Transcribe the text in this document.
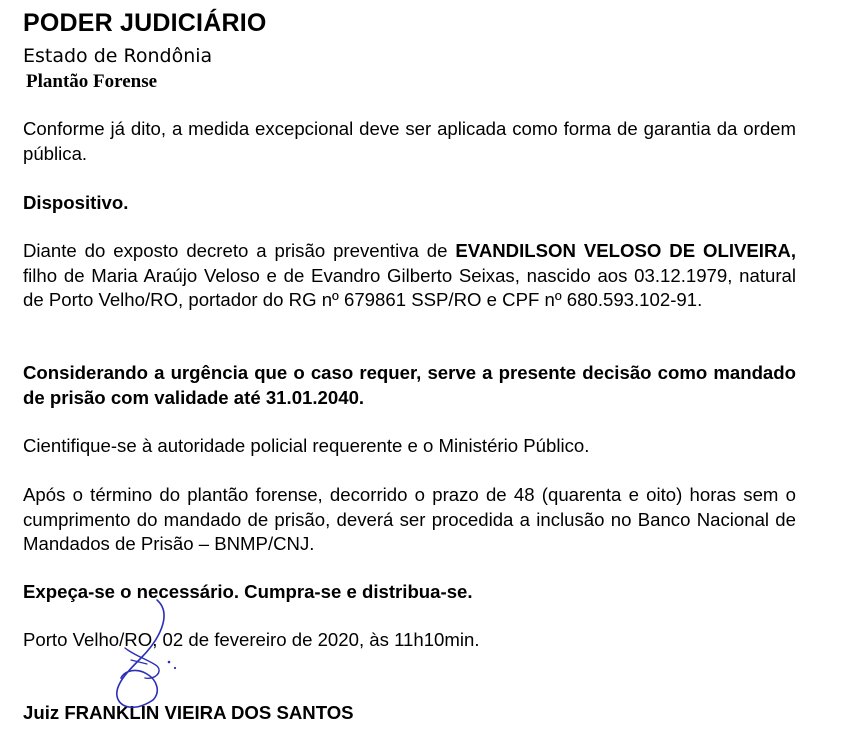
PODER JUDICIÁRIO
Estado de Rondônia
Plantão Forense

Conforme já dito, a medida excepcional deve ser aplicada como forma de garantia da ordem pública.

Dispositivo.

Diante do exposto decreto a prisão preventiva de EVANDILSON VELOSO DE OLIVEIRA, filho de Maria Araújo Veloso e de Evandro Gilberto Seixas, nascido aos 03.12.1979, natural de Porto Velho/RO, portador do RG nº 679861 SSP/RO e CPF nº 680.593.102-91.

Considerando a urgência que o caso requer, serve a presente decisão como mandado de prisão com validade até 31.01.2040.

Cientifique-se à autoridade policial requerente e o Ministério Público.

Após o término do plantão forense, decorrido o prazo de 48 (quarenta e oito) horas sem o cumprimento do mandado de prisão, deverá ser procedida a inclusão no Banco Nacional de Mandados de Prisão – BNMP/CNJ.

Expeça-se o necessário. Cumpra-se e distribua-se.

Porto Velho/RO, 02 de fevereiro de 2020, às 11h10min.

Juiz FRANKLIN VIEIRA DOS SANTOS
